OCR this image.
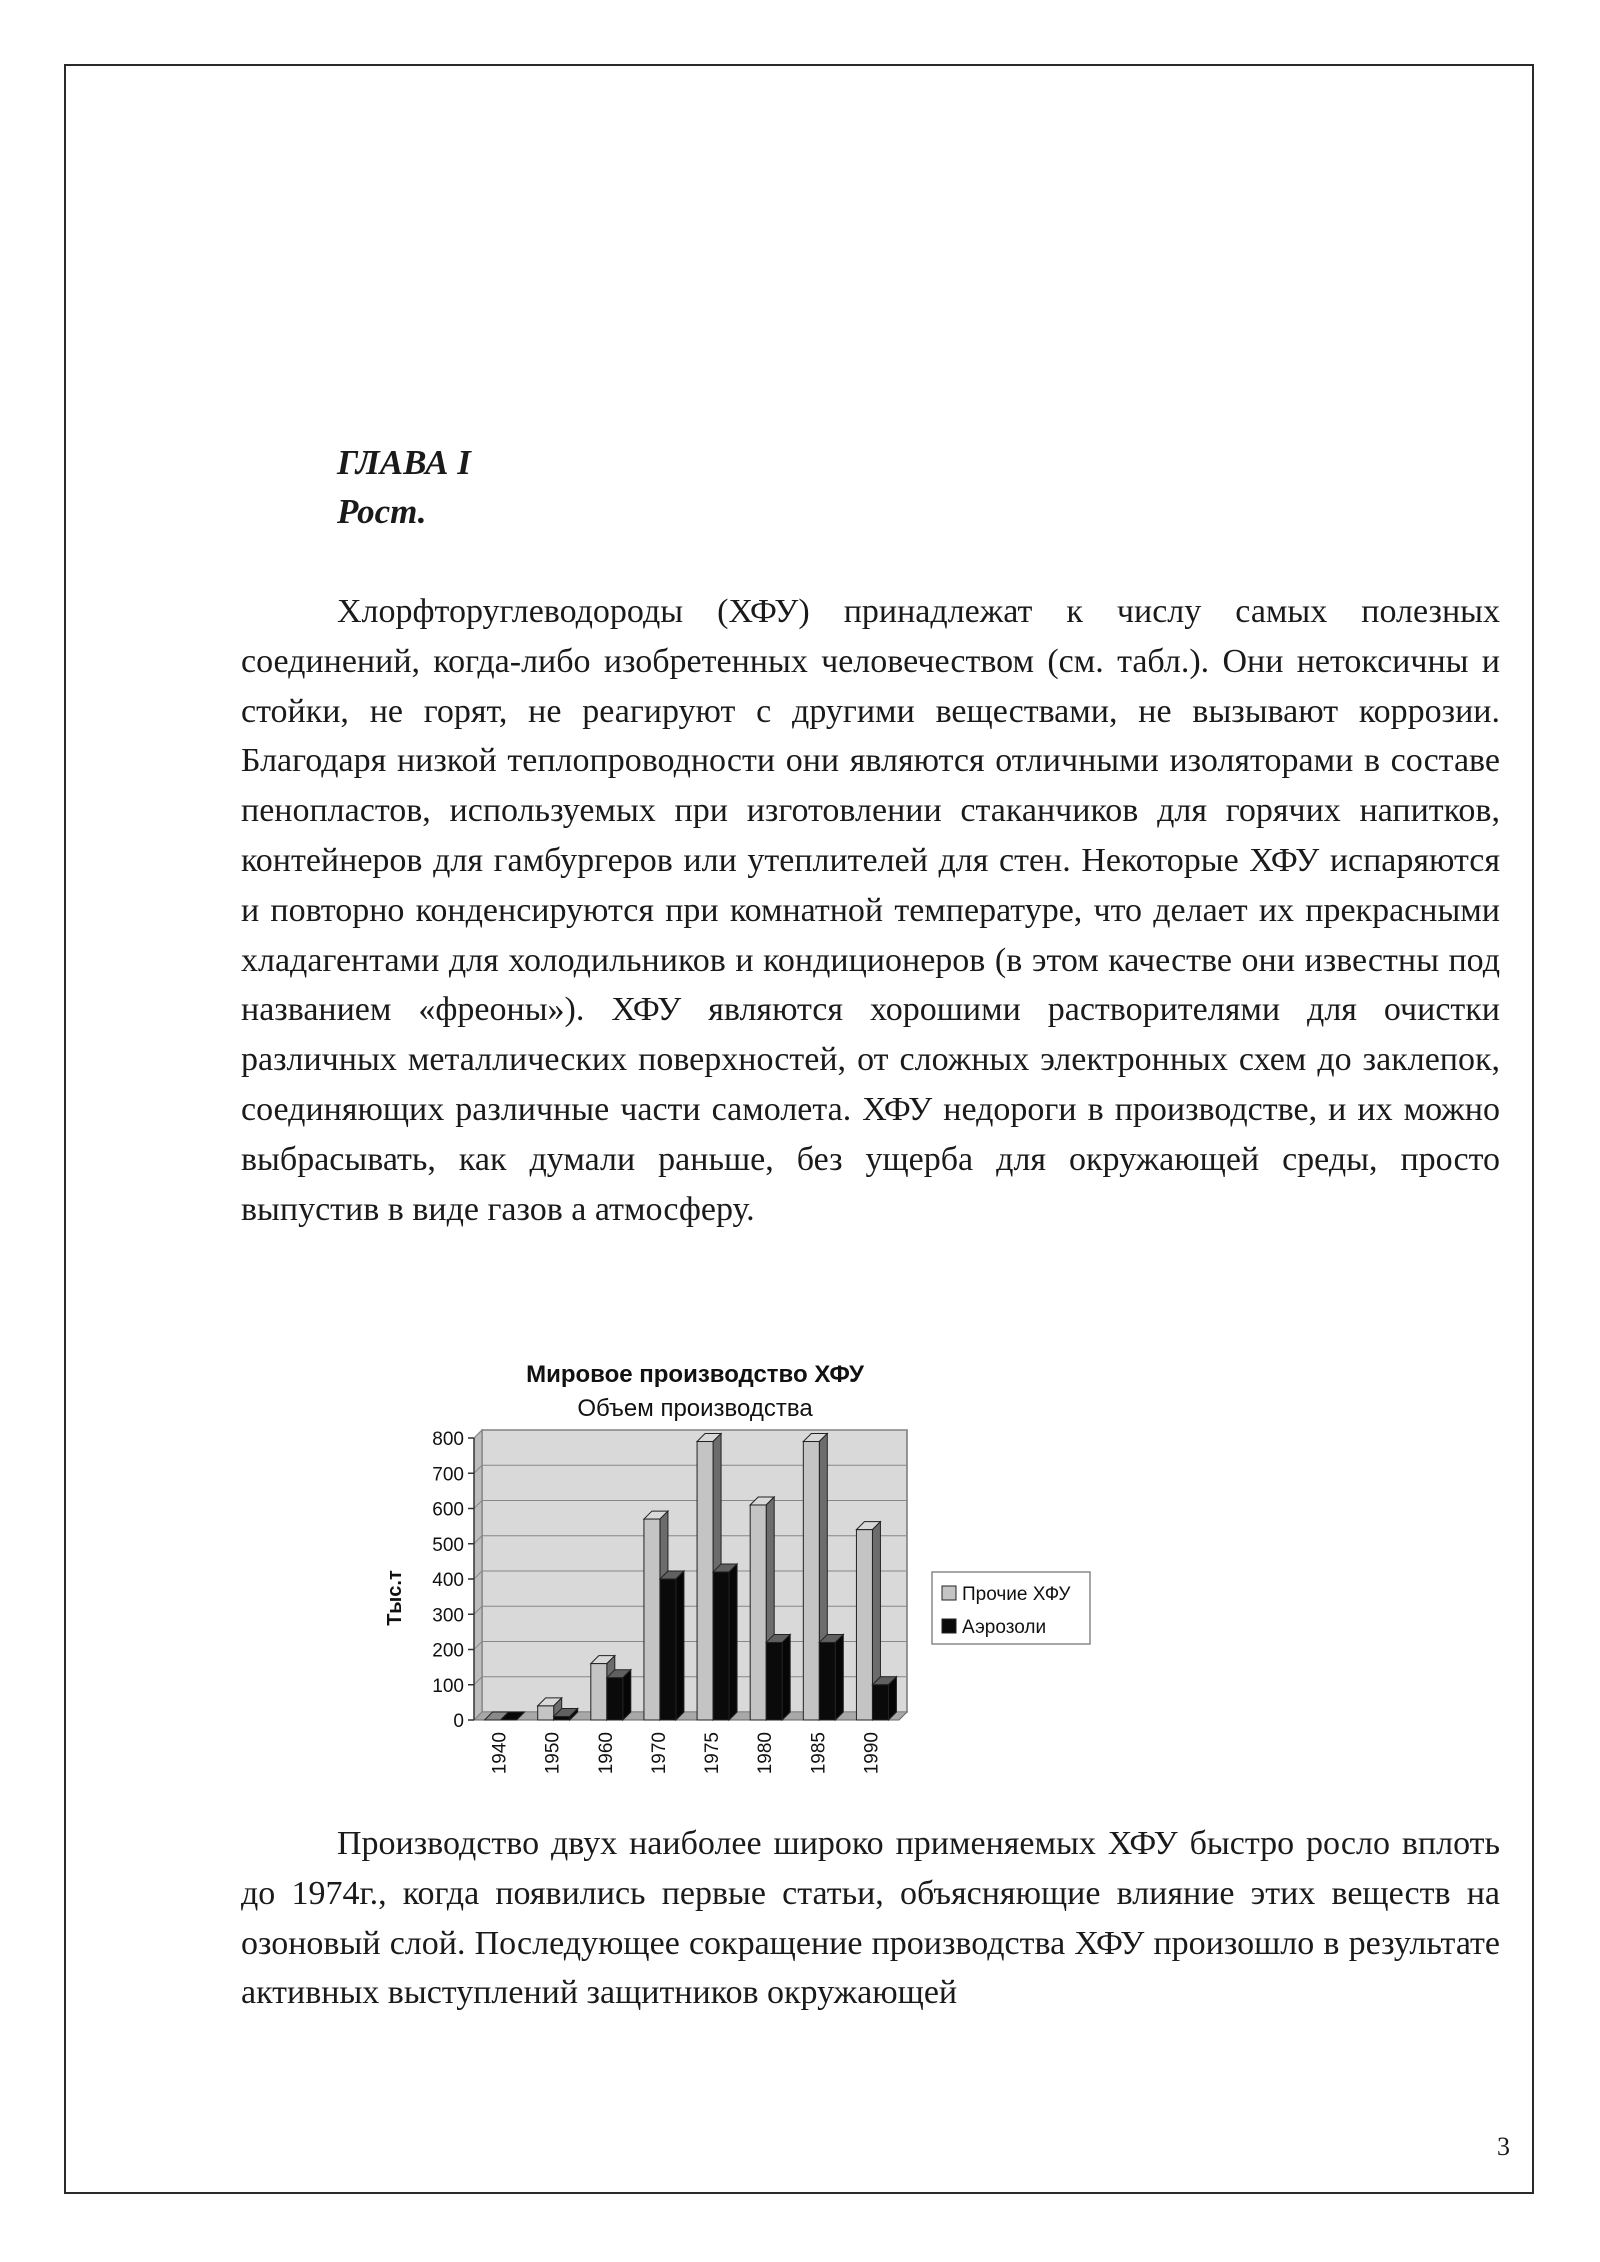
ГЛАВА I
Рост.

Хлорфторуглеводороды (ХФУ) принадлежат к числу самых полезных соединений, когда-либо изобретенных человечеством (см. табл.). Они нетоксичны и стойки, не горят, не реагируют с другими веществами, не вызывают коррозии. Благодаря низкой теплопроводности они являются отличными изоляторами в составе пенопластов, используемых при изготовлении стаканчиков для горячих напитков, контейнеров для гамбургеров или утеплителей для стен. Некоторые ХФУ испаряются и повторно конденсируются при комнатной температуре, что делает их прекрасными хладагентами для холодильников и кондиционеров (в этом качестве они известны под названием «фреоны»). ХФУ являются хорошими растворителями для очистки различных металлических поверхностей, от сложных электронных схем до заклепок, соединяющих различные части самолета. ХФУ недороги в производстве, и их можно выбрасывать, как думали раньше, без ущерба для окружающей среды, просто выпустив в виде газов а атмосферу.

Мировое производство ХФУ
Объем производства
0
100
200
300
400
500
600
700
800
1940 1950 1960 1970 1975 1980 1985 1990
Тыс.т	Прочие ХФУ
Аэрозоли

Производство двух наиболее широко применяемых ХФУ быстро росло вплоть до 1974г., когда появились первые статьи, объясняющие влияние этих веществ на озоновый слой. Последующее сокращение производства ХФУ произошло в результате активных выступлений защитников окружающей

3
